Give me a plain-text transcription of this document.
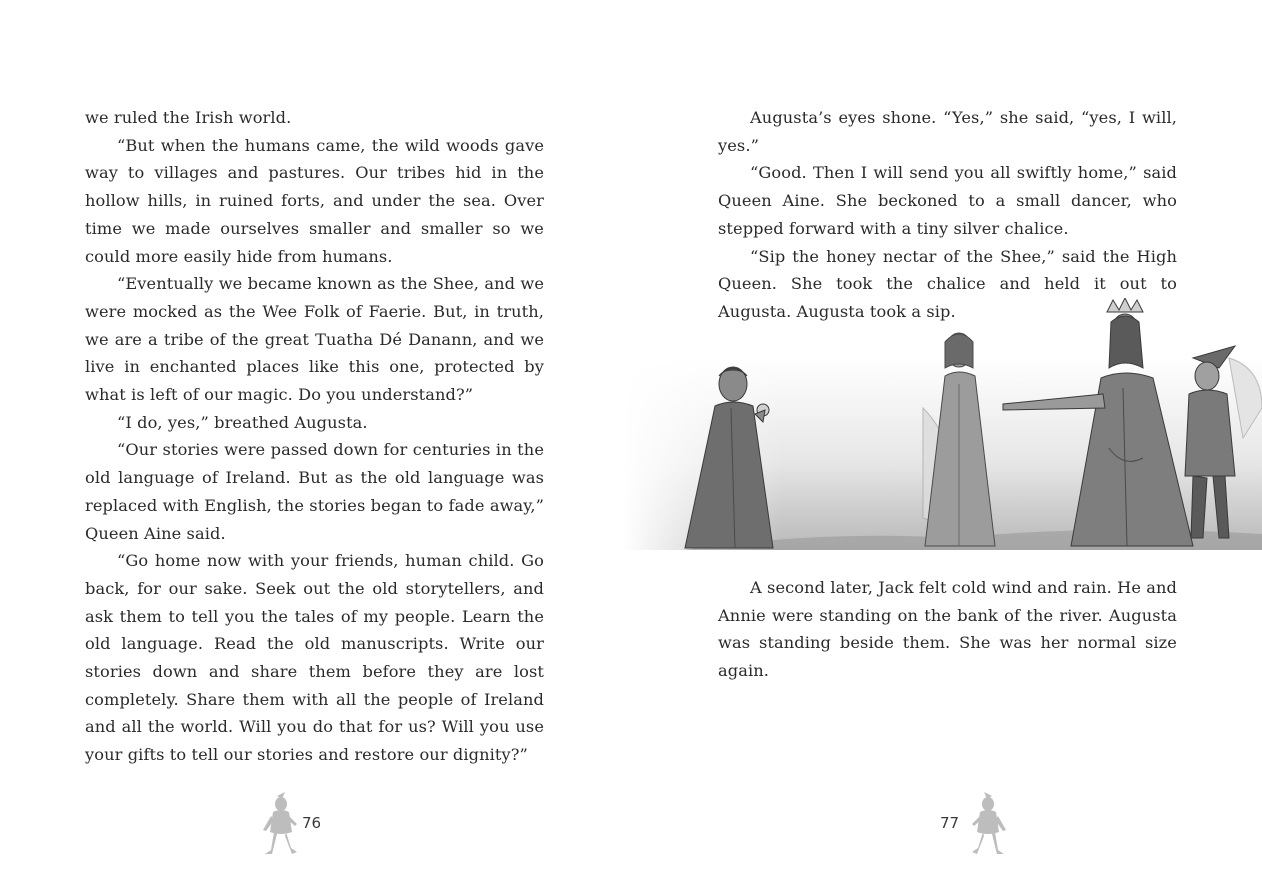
we ruled the Irish world.

“But when the humans came, the wild woods gave way to villages and pastures. Our tribes hid in the hollow hills, in ruined forts, and under the sea. Over time we made ourselves smaller and smaller so we could more easily hide from humans.

“Eventually we became known as the Shee, and we were mocked as the Wee Folk of Faerie. But, in truth, we are a tribe of the great Tuatha Dé Danann, and we live in enchanted places like this one, protected by what is left of our magic. Do you understand?”

“I do, yes,” breathed Augusta.

“Our stories were passed down for centuries in the old language of Ireland. But as the old language was replaced with English, the stories began to fade away,” Queen Aine said.

“Go home now with your friends, human child. Go back, for our sake. Seek out the old storytellers, and ask them to tell you the tales of my people. Learn the old language. Read the old manuscripts. Write our stories down and share them before they are lost completely. Share them with all the people of Ireland and all the world. Will you do that for us? Will you use your gifts to tell our stories and restore our dignity?”

76

Augusta’s eyes shone. “Yes,” she said, “yes, I will, yes.”

“Good. Then I will send you all swiftly home,” said Queen Aine. She beckoned to a small dancer, who stepped forward with a tiny silver chalice.

“Sip the honey nectar of the Shee,” said the High Queen. She took the chalice and held it out to Augusta. Augusta took a sip.

A second later, Jack felt cold wind and rain. He and Annie were standing on the bank of the river. Augusta was standing beside them. She was her normal size again.

77
